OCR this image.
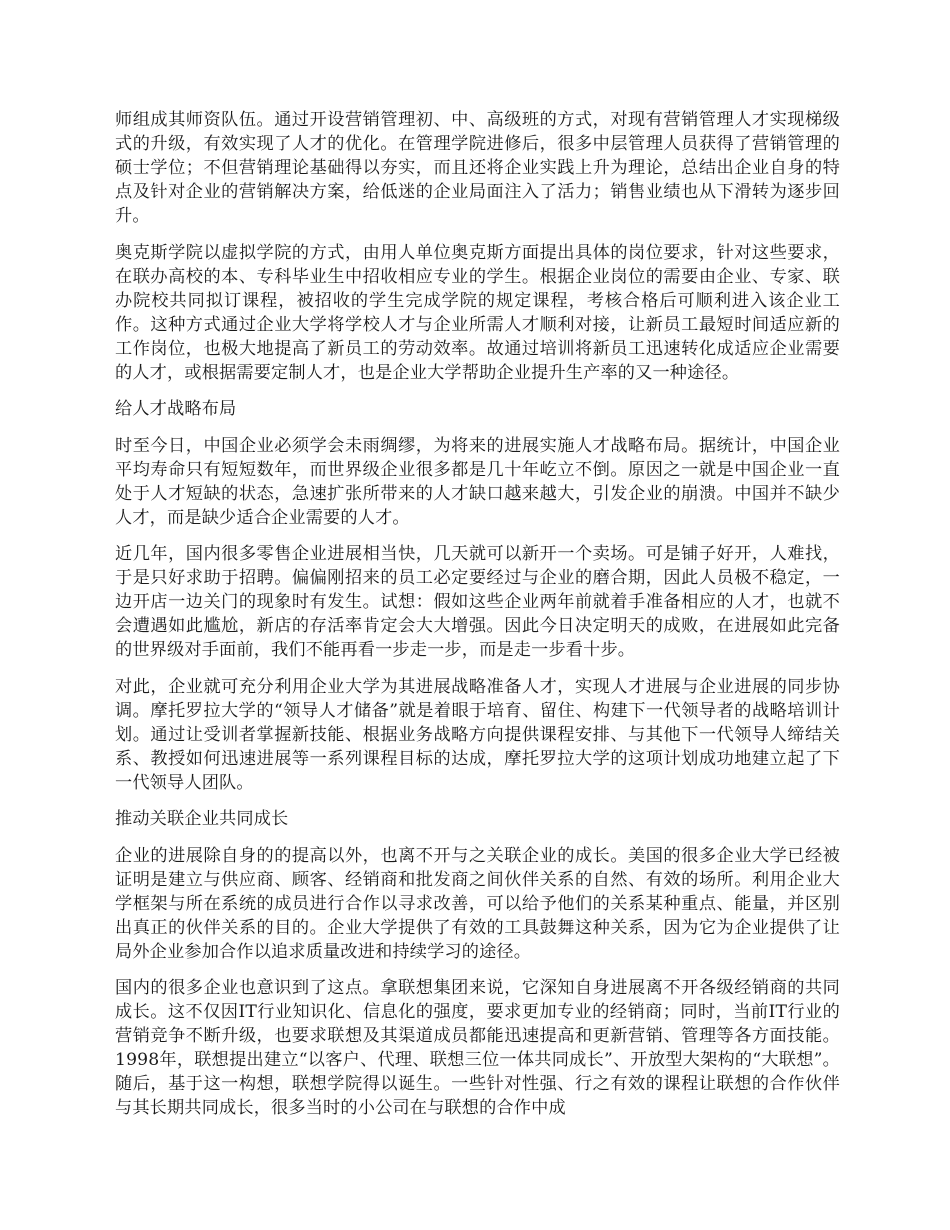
师组成其师资队伍。通过开设营销管理初、中、高级班的方式，对现有营销管理人才实现梯级式的升级，有效实现了人才的优化。在管理学院进修后，很多中层管理人员获得了营销管理的硕士学位；不但营销理论基础得以夯实，而且还将企业实践上升为理论，总结出企业自身的特点及针对企业的营销解决方案，给低迷的企业局面注入了活力；销售业绩也从下滑转为逐步回升。

奥克斯学院以虚拟学院的方式，由用人单位奥克斯方面提出具体的岗位要求，针对这些要求，在联办高校的本、专科毕业生中招收相应专业的学生。根据企业岗位的需要由企业、专家、联办院校共同拟订课程，被招收的学生完成学院的规定课程，考核合格后可顺利进入该企业工作。这种方式通过企业大学将学校人才与企业所需人才顺利对接，让新员工最短时间适应新的工作岗位，也极大地提高了新员工的劳动效率。故通过培训将新员工迅速转化成适应企业需要的人才，或根据需要定制人才，也是企业大学帮助企业提升生产率的又一种途径。

给人才战略布局

时至今日，中国企业必须学会未雨绸缪，为将来的进展实施人才战略布局。据统计，中国企业平均寿命只有短短数年，而世界级企业很多都是几十年屹立不倒。原因之一就是中国企业一直处于人才短缺的状态，急速扩张所带来的人才缺口越来越大，引发企业的崩溃。中国并不缺少人才，而是缺少适合企业需要的人才。

近几年，国内很多零售企业进展相当快，几天就可以新开一个卖场。可是铺子好开，人难找，于是只好求助于招聘。偏偏刚招来的员工必定要经过与企业的磨合期，因此人员极不稳定，一边开店一边关门的现象时有发生。试想：假如这些企业两年前就着手准备相应的人才，也就不会遭遇如此尴尬，新店的存活率肯定会大大增强。因此今日决定明天的成败，在进展如此完备的世界级对手面前，我们不能再看一步走一步，而是走一步看十步。

对此，企业就可充分利用企业大学为其进展战略准备人才，实现人才进展与企业进展的同步协调。摩托罗拉大学的“领导人才储备”就是着眼于培育、留住、构建下一代领导者的战略培训计划。通过让受训者掌握新技能、根据业务战略方向提供课程安排、与其他下一代领导人缔结关系、教授如何迅速进展等一系列课程目标的达成，摩托罗拉大学的这项计划成功地建立起了下一代领导人团队。

推动关联企业共同成长

企业的进展除自身的的提高以外，也离不开与之关联企业的成长。美国的很多企业大学已经被证明是建立与供应商、顾客、经销商和批发商之间伙伴关系的自然、有效的场所。利用企业大学框架与所在系统的成员进行合作以寻求改善，可以给予他们的关系某种重点、能量，并区别出真正的伙伴关系的目的。企业大学提供了有效的工具鼓舞这种关系，因为它为企业提供了让局外企业参加合作以追求质量改进和持续学习的途径。

国内的很多企业也意识到了这点。拿联想集团来说，它深知自身进展离不开各级经销商的共同成长。这不仅因IT行业知识化、信息化的强度，要求更加专业的经销商；同时，当前IT行业的营销竞争不断升级，也要求联想及其渠道成员都能迅速提高和更新营销、管理等各方面技能。1998年，联想提出建立“以客户、代理、联想三位一体共同成长”、开放型大架构的“大联想”。随后，基于这一构想，联想学院得以诞生。一些针对性强、行之有效的课程让联想的合作伙伴与其长期共同成长，很多当时的小公司在与联想的合作中成
